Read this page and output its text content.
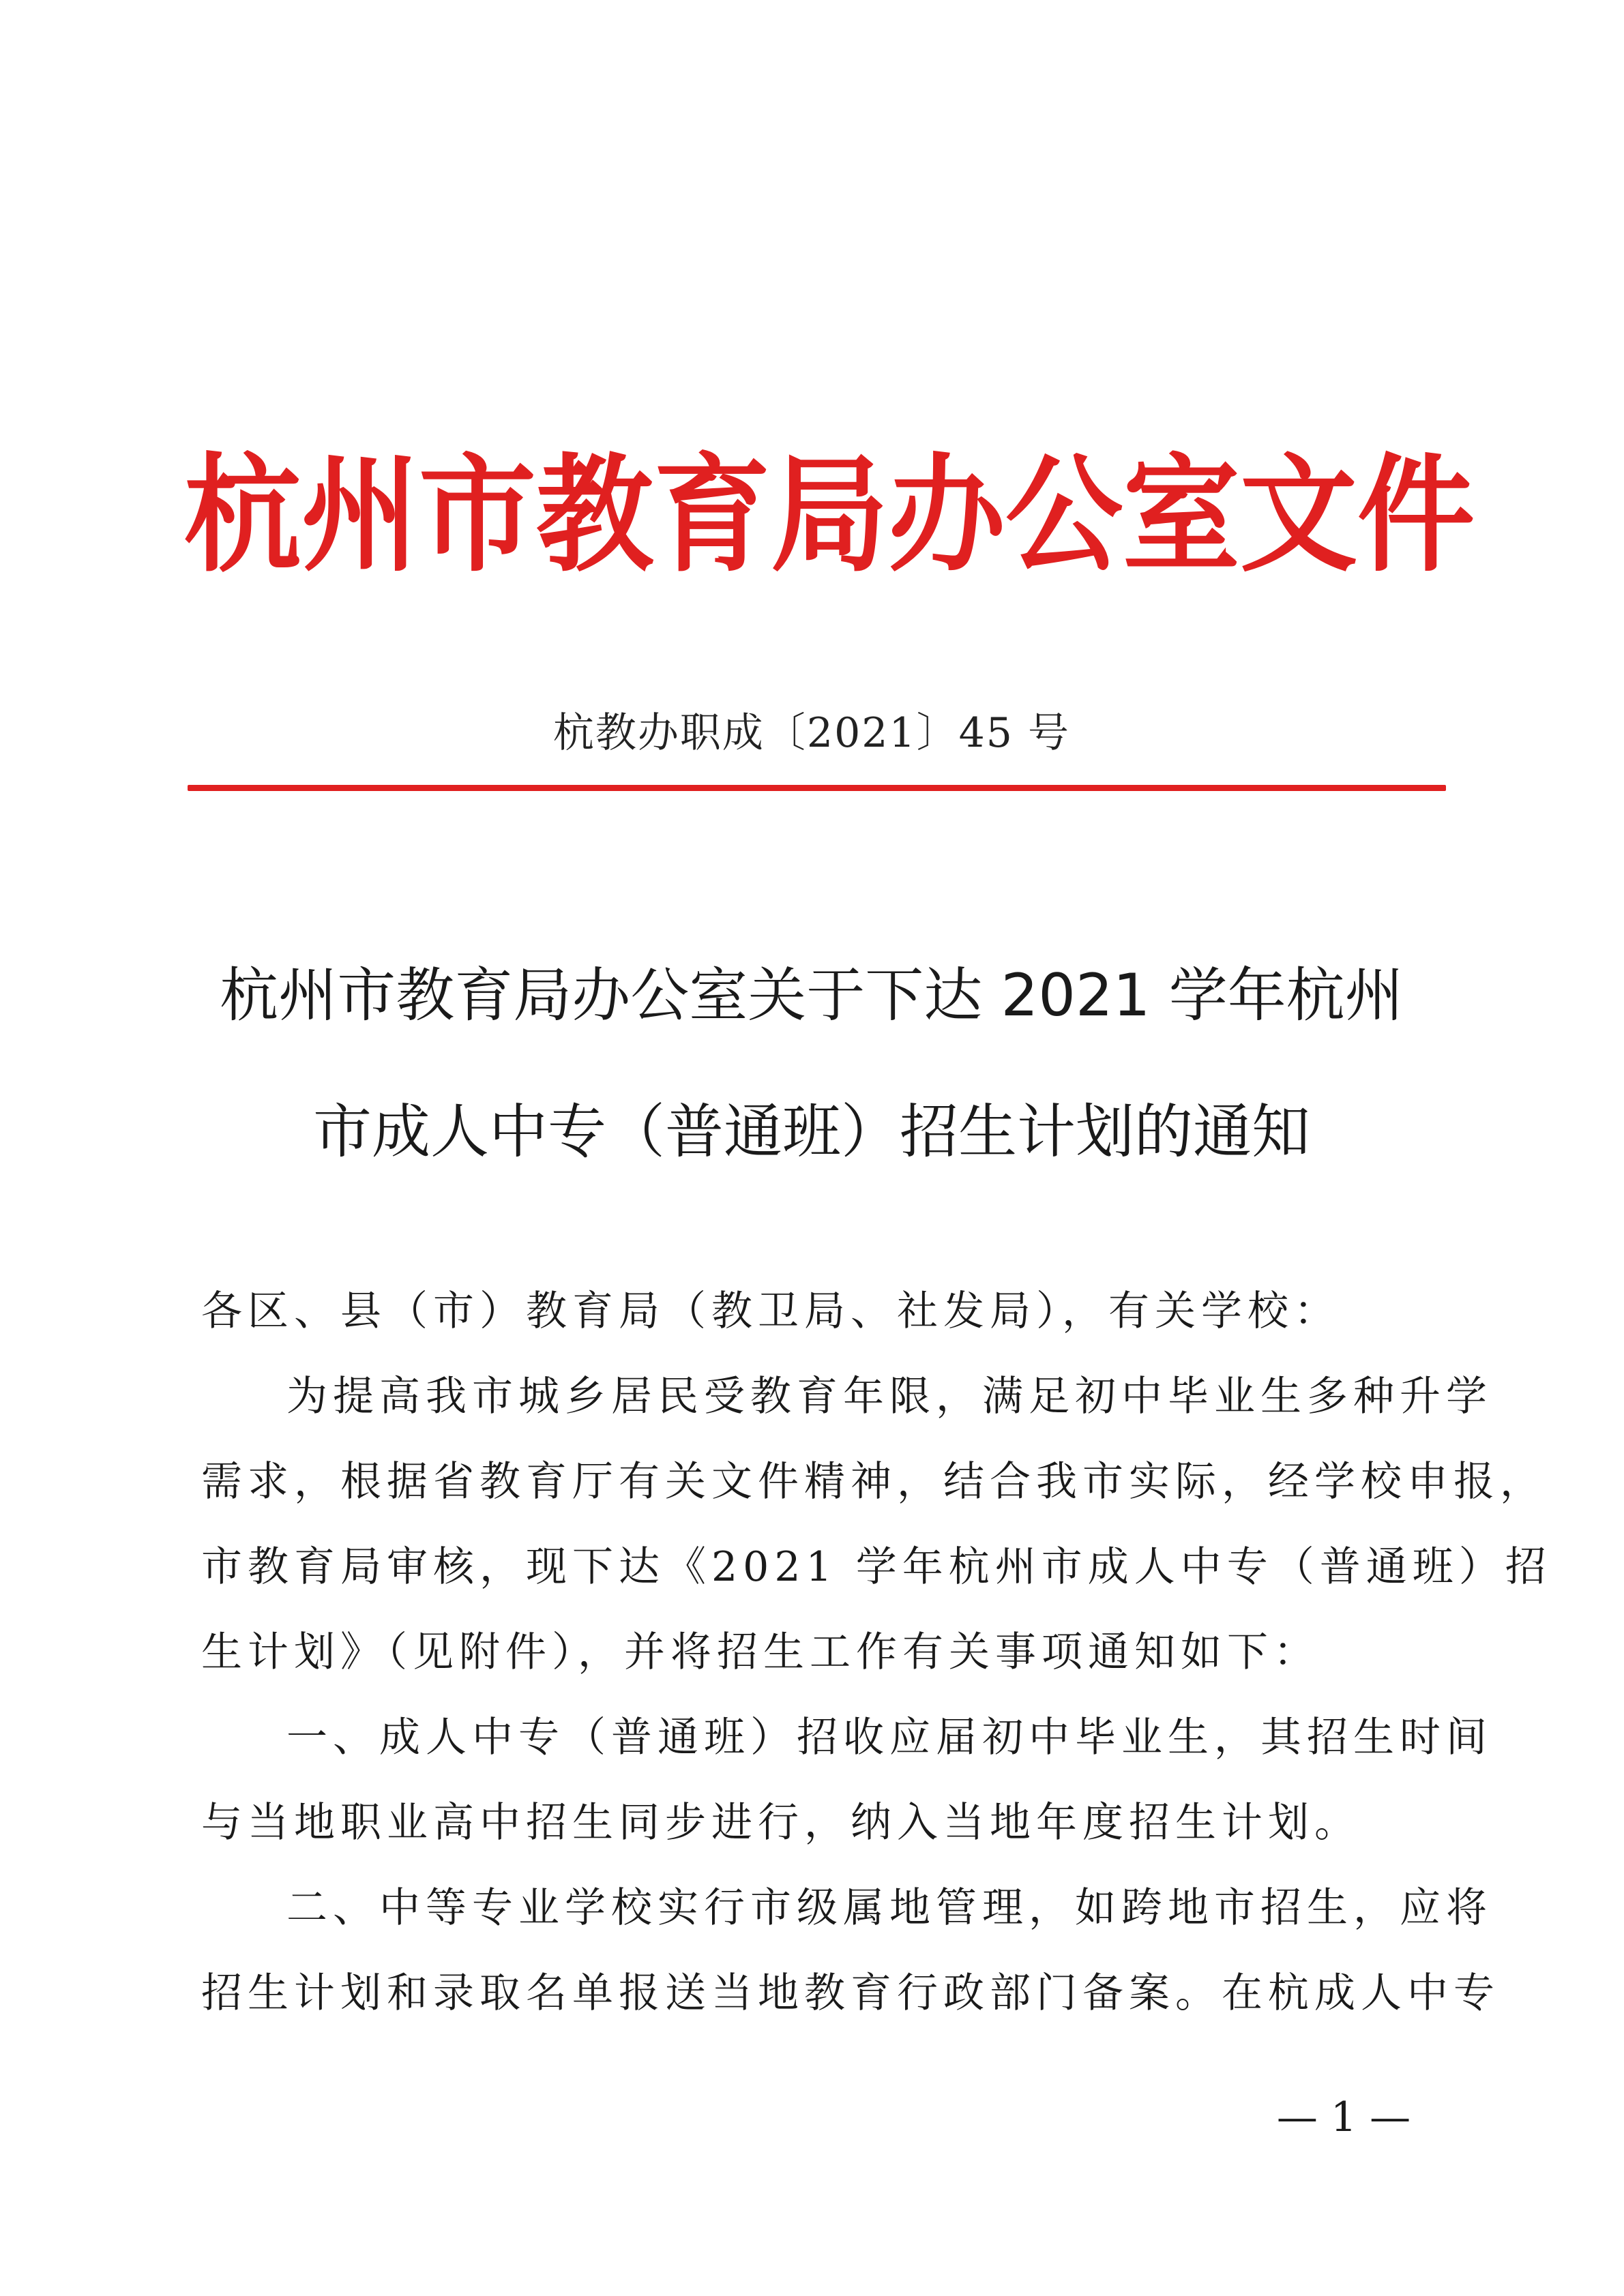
杭州市教育局办公室文件
杭教办职成〔2021〕45 号
杭州市教育局办公室关于下达 2021 学年杭州
市成人中专（普通班）招生计划的通知
各区、县（市）教育局（教卫局、社发局），有关学校：
为提高我市城乡居民受教育年限，满足初中毕业生多种升学
需求，根据省教育厅有关文件精神，结合我市实际，经学校申报，
市教育局审核，现下达《2021 学年杭州市成人中专（普通班）招
生计划》（见附件），并将招生工作有关事项通知如下：
一、成人中专（普通班）招收应届初中毕业生，其招生时间
与当地职业高中招生同步进行，纳入当地年度招生计划。
二、中等专业学校实行市级属地管理，如跨地市招生，应将
招生计划和录取名单报送当地教育行政部门备案。在杭成人中专
— 1 —
